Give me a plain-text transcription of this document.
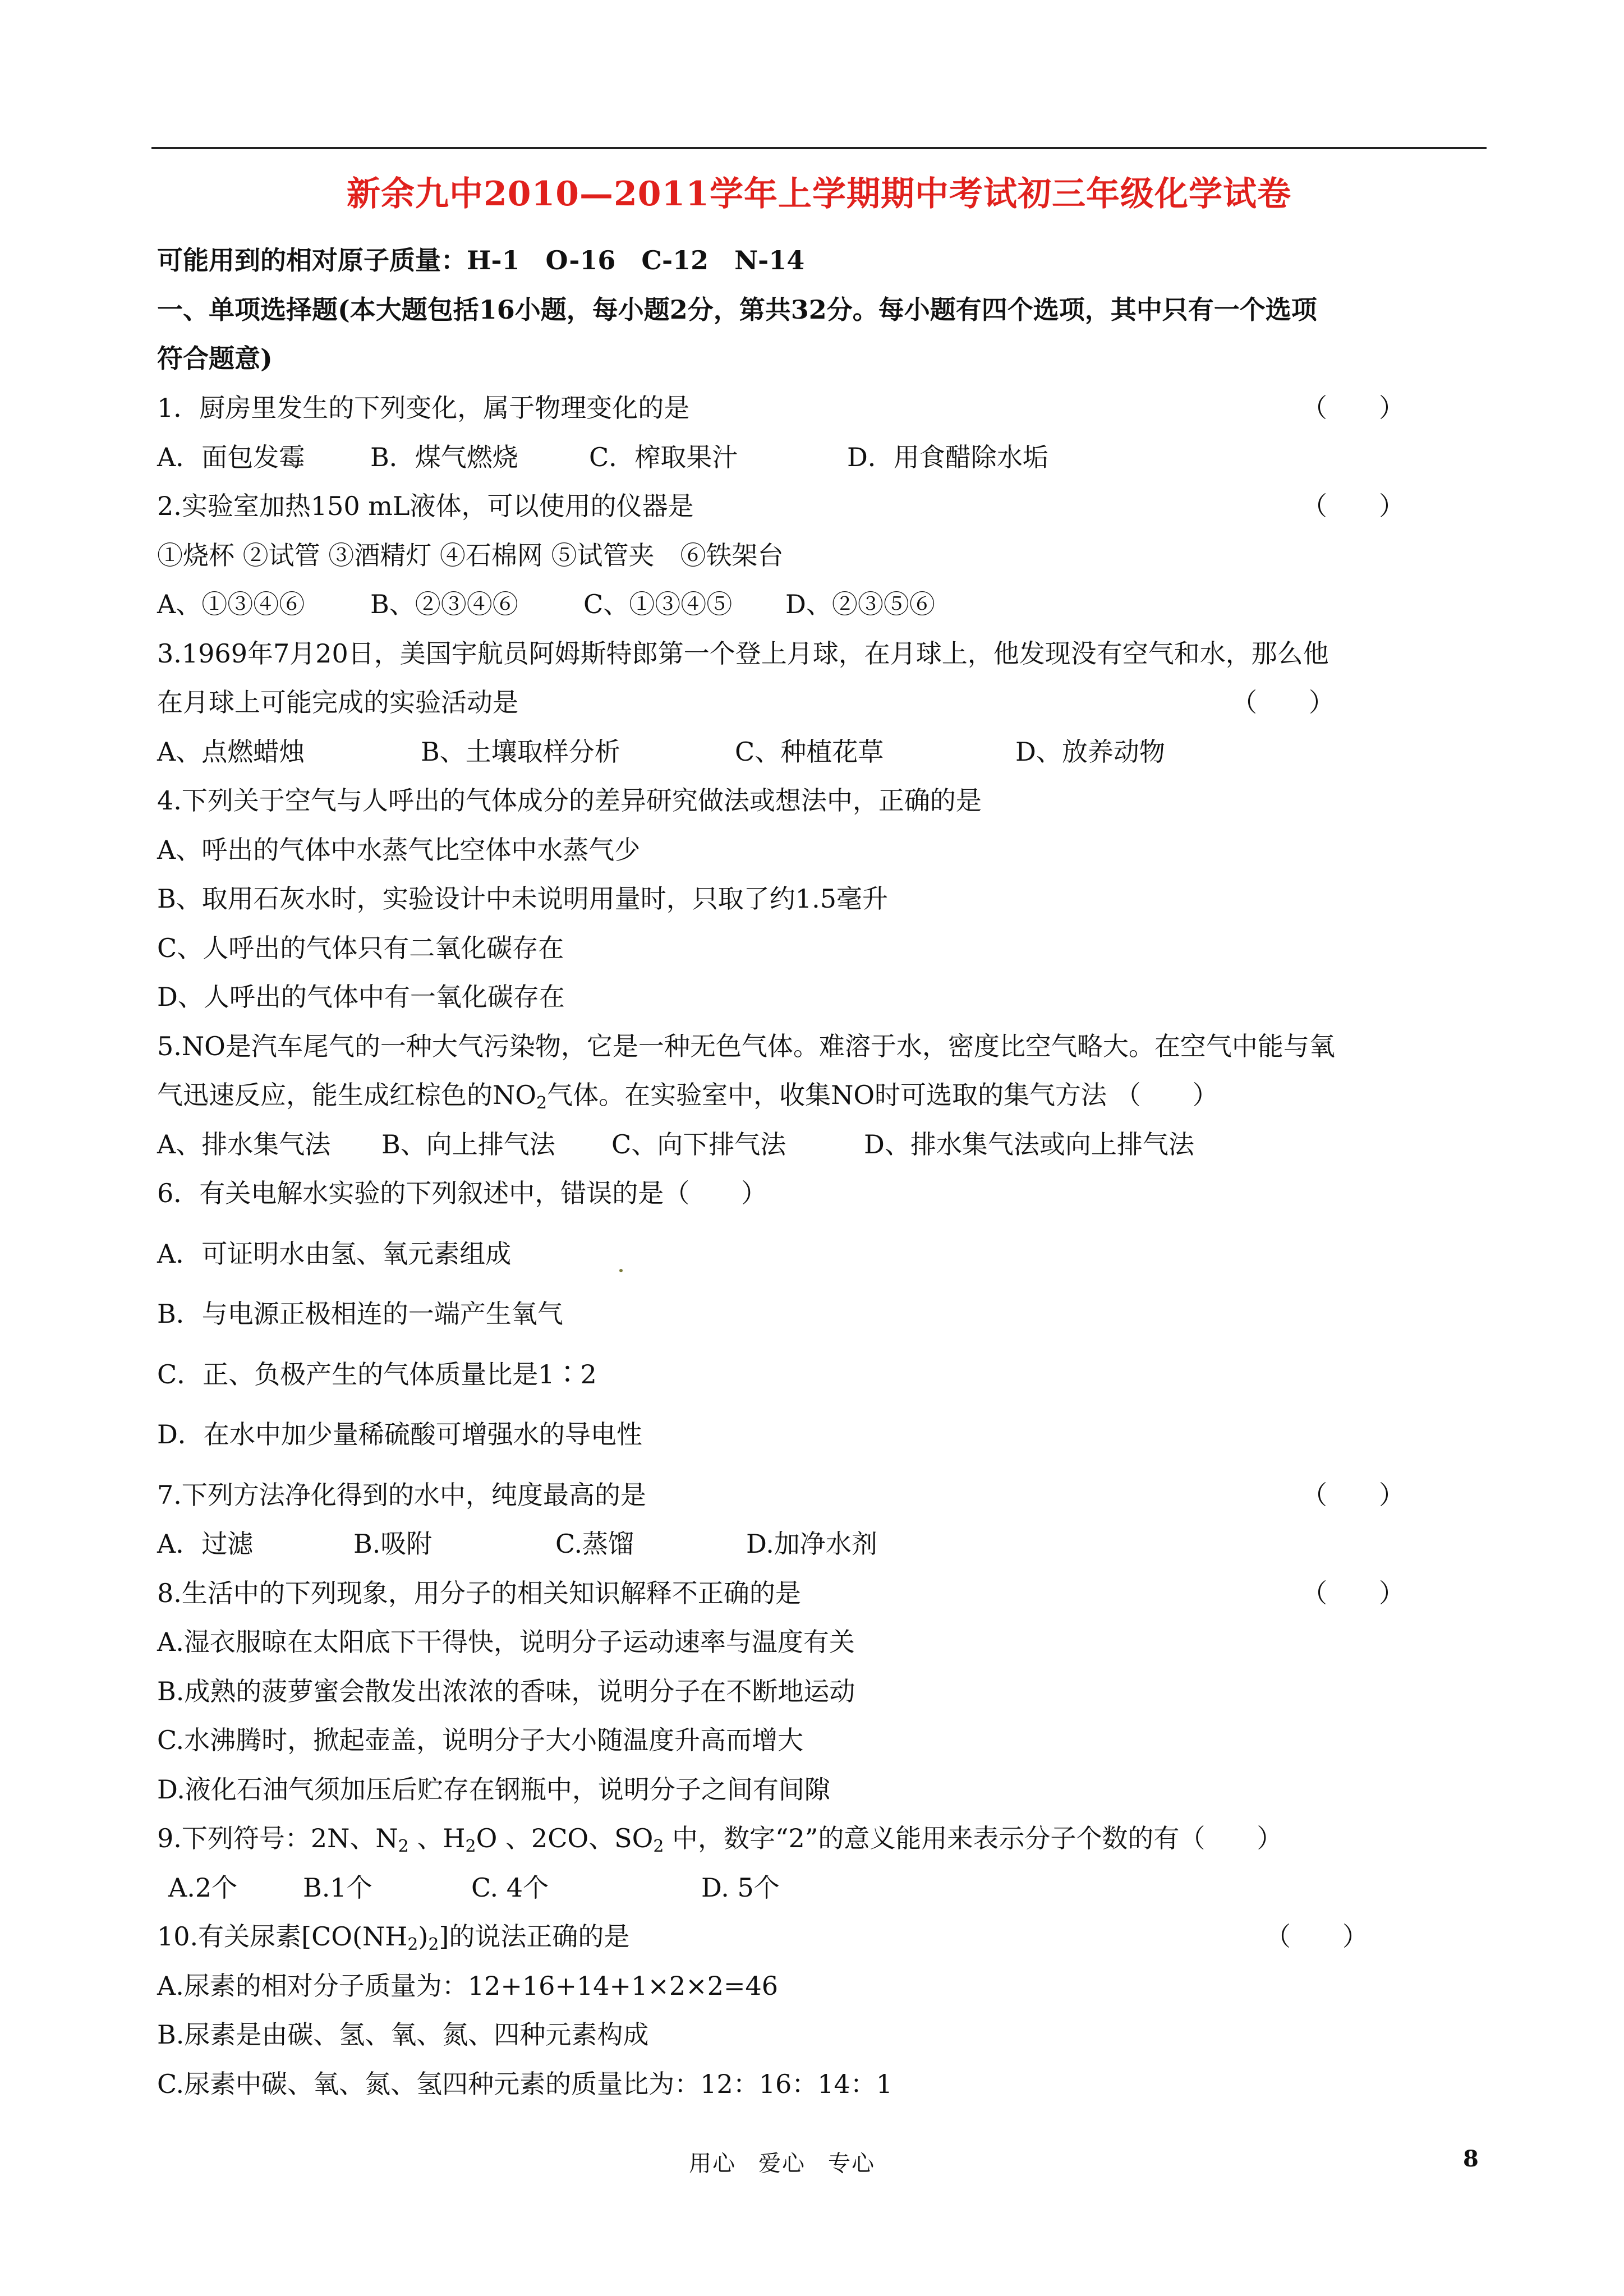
新余九中2010—2011学年上学期期中考试初三年级化学试卷
可能用到的相对原子质量：H-1　O-16　C-12　N-14
一、单项选择题(本大题包括16小题，每小题2分，第共32分。每小题有四个选项，其中只有一个选项
符合题意)
1．厨房里发生的下列变化，属于物理变化的是	（　　）
A．面包发霉	B．煤气燃烧	C．榨取果汁	D．用食醋除水垢
2.实验室加热150 mL液体，可以使用的仪器是	（　　）
①烧杯 ②试管 ③酒精灯 ④石棉网 ⑤试管夹　⑥铁架台
A、①③④⑥	B、②③④⑥	C、①③④⑤ D、②③⑤⑥
3.1969年7月20日，美国宇航员阿姆斯特郎第一个登上月球，在月球上，他发现没有空气和水，那么他
在月球上可能完成的实验活动是	（　　）
A、点燃蜡烛	B、土壤取样分析	C、种植花草	D、放养动物
4.下列关于空气与人呼出的气体成分的差异研究做法或想法中，正确的是
A、呼出的气体中水蒸气比空体中水蒸气少
B、取用石灰水时，实验设计中未说明用量时，只取了约1.5毫升
C、人呼出的气体只有二氧化碳存在
D、人呼出的气体中有一氧化碳存在
5.NO是汽车尾气的一种大气污染物，它是一种无色气体。难溶于水，密度比空气略大。在空气中能与氧
气迅速反应，能生成红棕色的$NO_2$气体。在实验室中，收集NO时可选取的集气方法 （　　）
A、排水集气法 B、向上排气法 C、向下排气法	D、排水集气法或向上排气法
6．有关电解水实验的下列叙述中，错误的是（　　）
A．可证明水由氢、氧元素组成
B．与电源正极相连的一端产生氧气
C．正、负极产生的气体质量比是1∶2
D．在水中加少量稀硫酸可增强水的导电性
7.下列方法净化得到的水中，纯度最高的是	（　　）
A．过滤	B.吸附	C.蒸馏	D.加净水剂
8.生活中的下列现象，用分子的相关知识解释不正确的是	（　　）
A.湿衣服晾在太阳底下干得快，说明分子运动速率与温度有关
B.成熟的菠萝蜜会散发出浓浓的香味，说明分子在不断地运动
C.水沸腾时，掀起壶盖，说明分子大小随温度升高而增大
D.液化石油气须加压后贮存在钢瓶中，说明分子之间有间隙
9.下列符号：2N、$N_2$ 、$H_2O$ 、2CO、$SO_2$ 中，数字“2”的意义能用来表示分子个数的有（　　）
A.2个	B.1个	C. 4个	D. 5个
10.有关尿素$[CO(NH_2)_2]$的说法正确的是	（　　）
A.尿素的相对分子质量为：12+16+14+1×2×2=46
B.尿素是由碳、氢、氧、氮、四种元素构成
C.尿素中碳、氧、氮、氢四种元素的质量比为：12：16：14：1
用心 爱心 专心	8
